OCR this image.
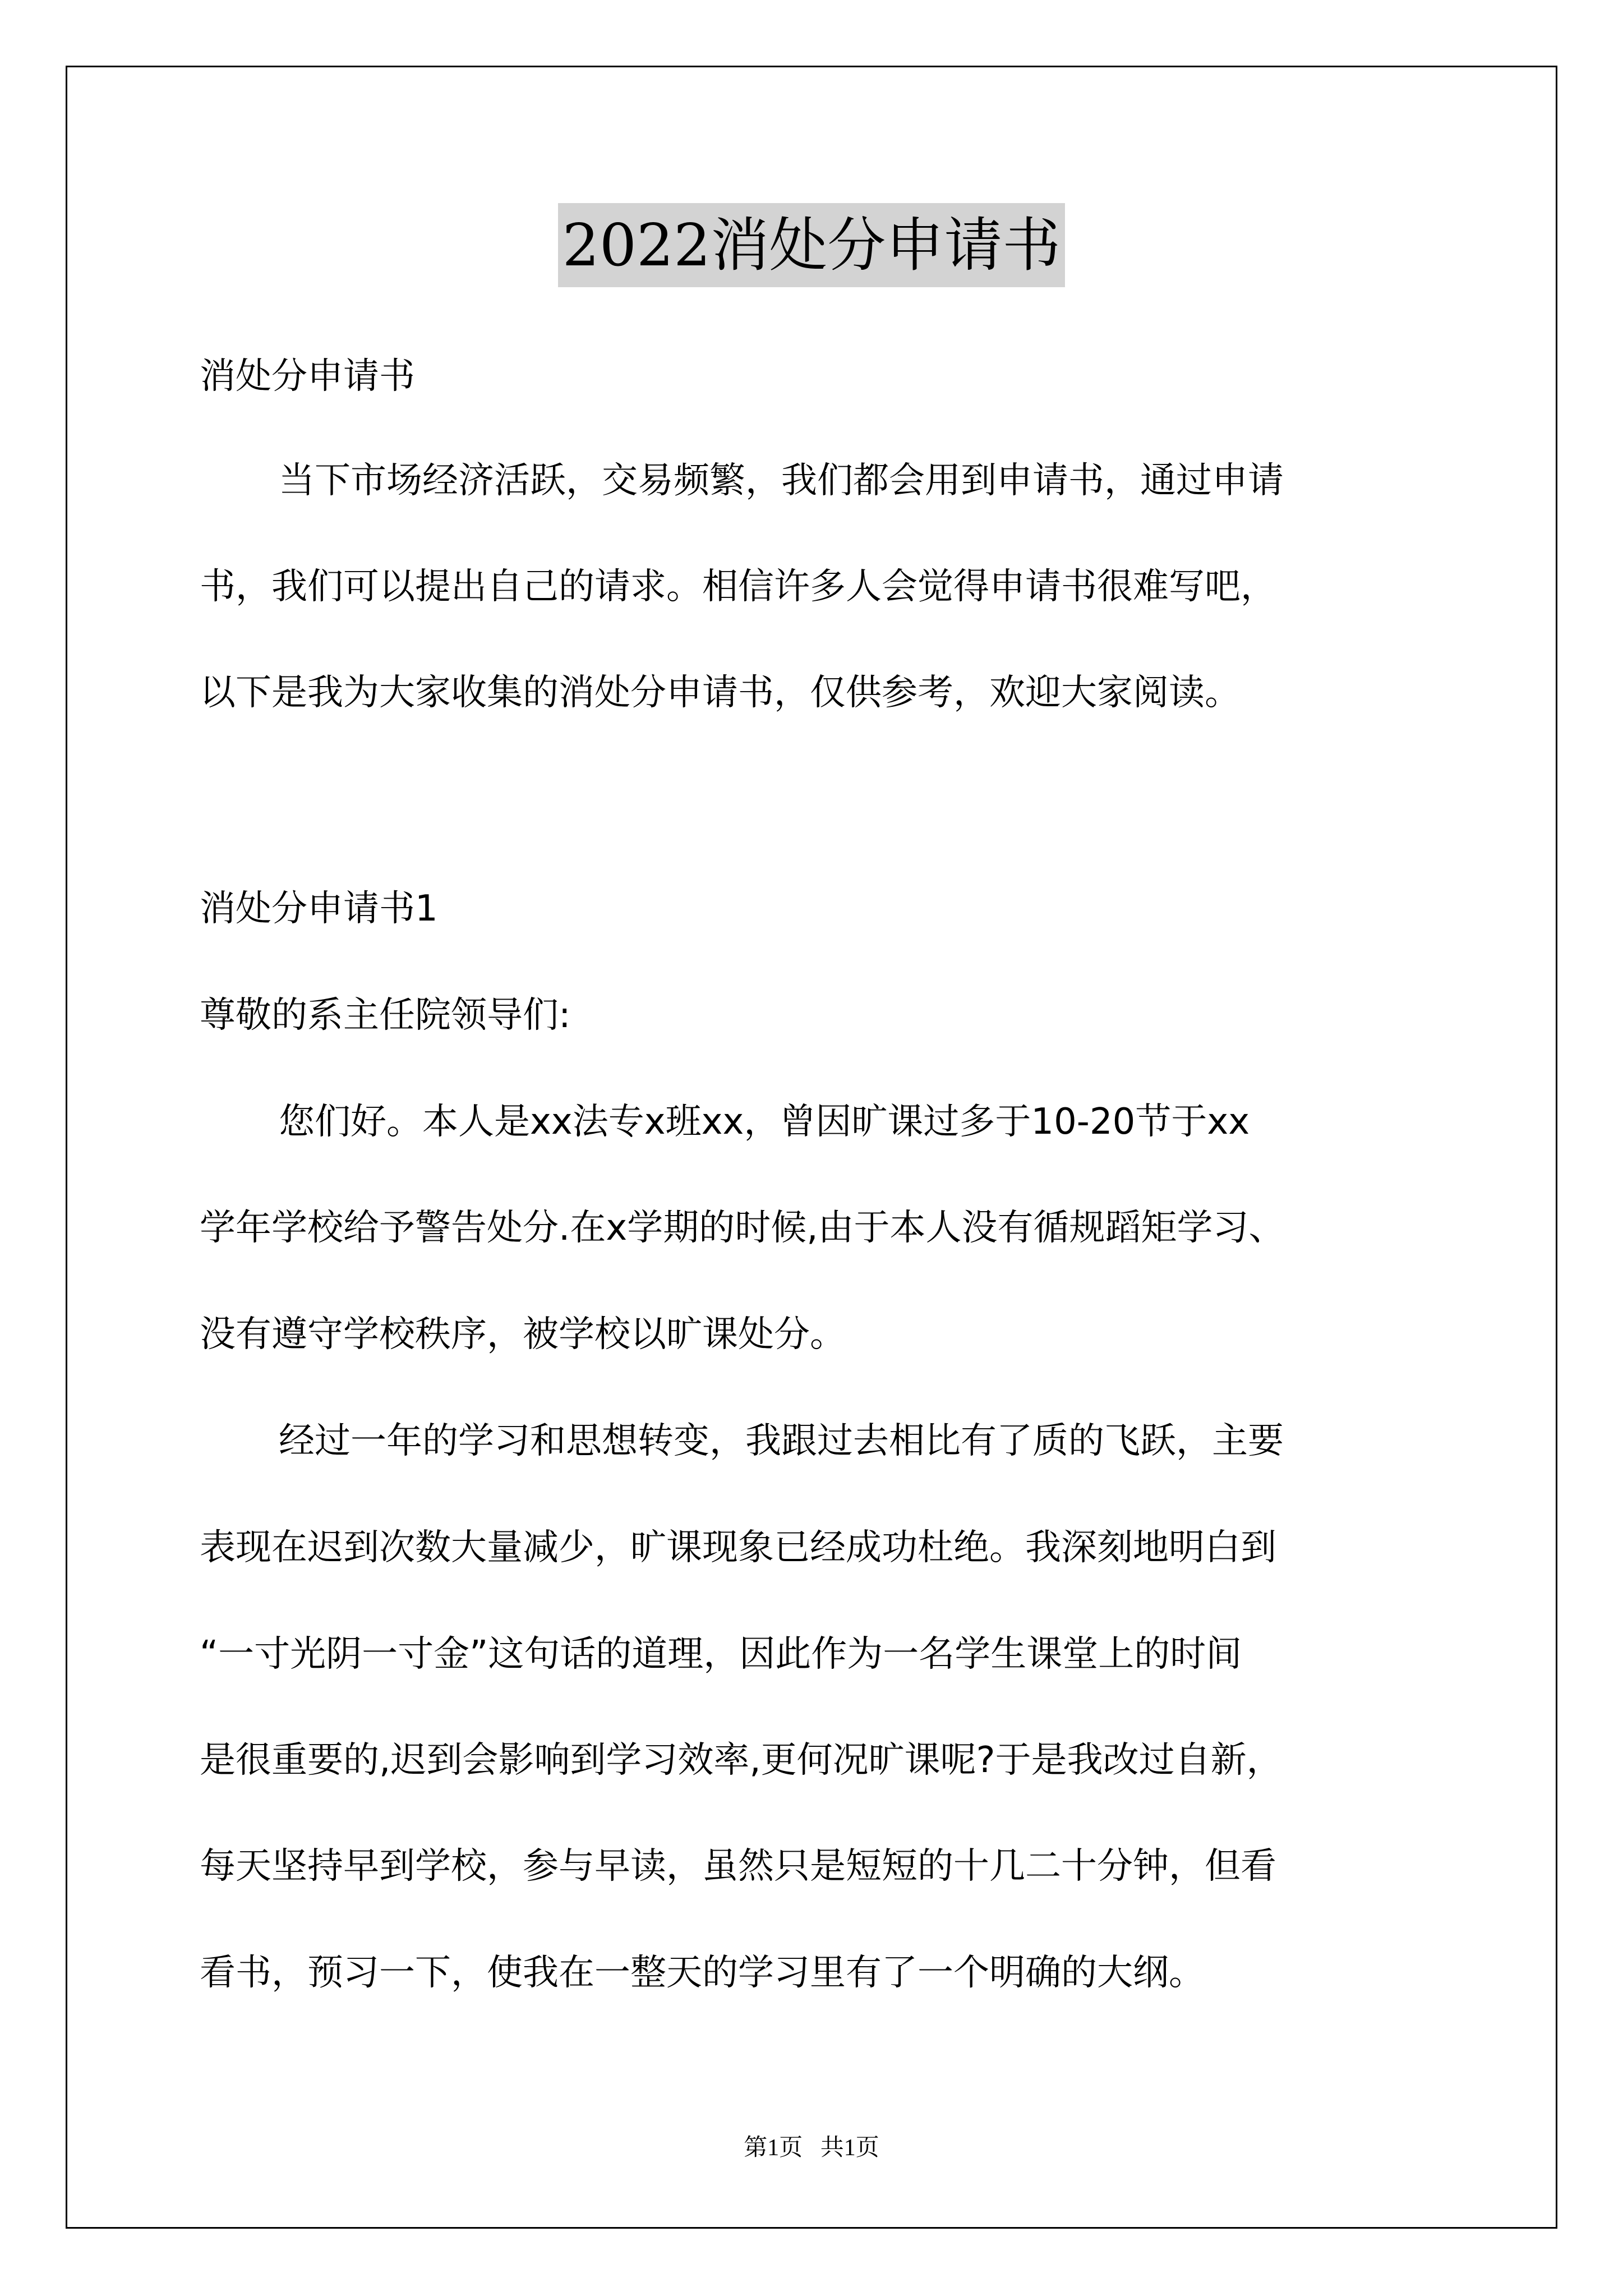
2022消处分申请书
消处分申请书
当下市场经济活跃，交易频繁，我们都会用到申请书，通过申请
书，我们可以提出自己的请求。相信许多人会觉得申请书很难写吧，
以下是我为大家收集的消处分申请书，仅供参考，欢迎大家阅读。
消处分申请书1
尊敬的系主任院领导们:
您们好。本人是xx法专x班xx，曾因旷课过多于10-20节于xx
学年学校给予警告处分.在x学期的时候,由于本人没有循规蹈矩学习、
没有遵守学校秩序，被学校以旷课处分。
经过一年的学习和思想转变，我跟过去相比有了质的飞跃，主要
表现在迟到次数大量减少，旷课现象已经成功杜绝。我深刻地明白到
“一寸光阴一寸金”这句话的道理，因此作为一名学生课堂上的时间
是很重要的,迟到会影响到学习效率,更何况旷课呢?于是我改过自新，
每天坚持早到学校，参与早读，虽然只是短短的十几二十分钟，但看
看书，预习一下，使我在一整天的学习里有了一个明确的大纲。
第1页   共1页
